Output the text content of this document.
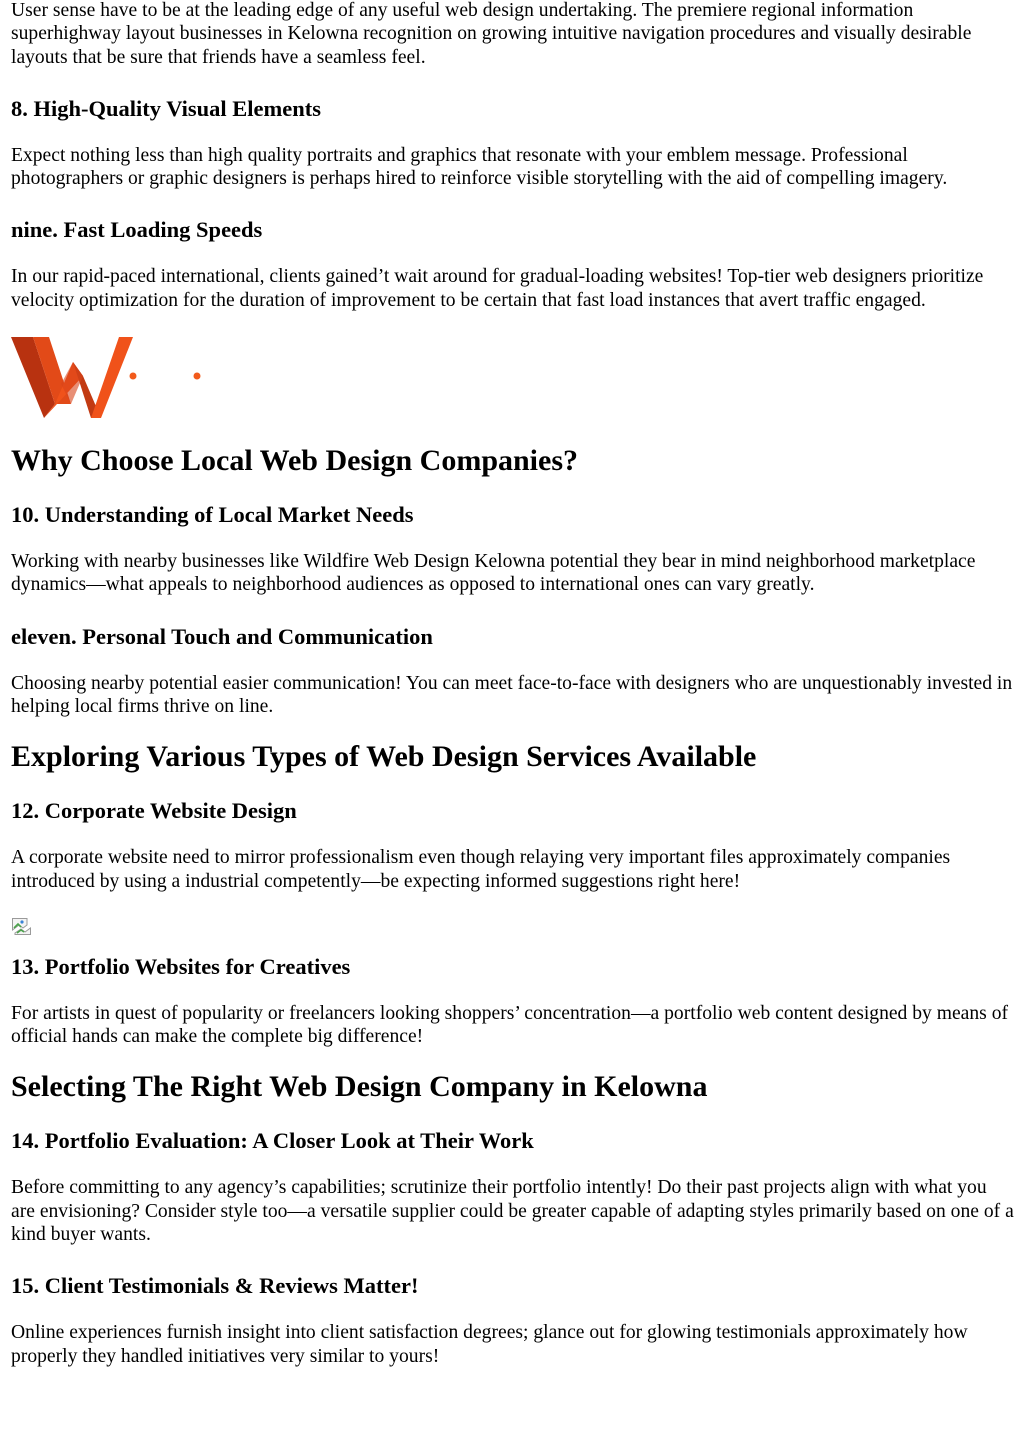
User sense have to be at the leading edge of any useful web design undertaking. The premiere regional information superhighway layout businesses in Kelowna recognition on growing intuitive navigation procedures and visually desirable layouts that be sure that friends have a seamless feel.

8. High-Quality Visual Elements

Expect nothing less than high quality portraits and graphics that resonate with your emblem message. Professional photographers or graphic designers is perhaps hired to reinforce visible storytelling with the aid of compelling imagery.

nine. Fast Loading Speeds

In our rapid-paced international, clients gained’t wait around for gradual-loading websites! Top-tier web designers prioritize velocity optimization for the duration of improvement to be certain that fast load instances that avert traffic engaged.

Why Choose Local Web Design Companies?
10. Understanding of Local Market Needs

Working with nearby businesses like Wildfire Web Design Kelowna potential they bear in mind neighborhood marketplace dynamics—what appeals to neighborhood audiences as opposed to international ones can vary greatly.

eleven. Personal Touch and Communication

Choosing nearby potential easier communication! You can meet face-to-face with designers who are unquestionably invested in helping local firms thrive on line.

Exploring Various Types of Web Design Services Available
12. Corporate Website Design

A corporate website need to mirror professionalism even though relaying very important files approximately companies introduced by using a industrial competently—be expecting informed suggestions right here!

13. Portfolio Websites for Creatives

For artists in quest of popularity or freelancers looking shoppers’ concentration—a portfolio web content designed by means of official hands can make the complete big difference!

Selecting The Right Web Design Company in Kelowna
14. Portfolio Evaluation: A Closer Look at Their Work

Before committing to any agency’s capabilities; scrutinize their portfolio intently! Do their past projects align with what you are envisioning? Consider style too—a versatile supplier could be greater capable of adapting styles primarily based on one of a kind buyer wants.

15. Client Testimonials & Reviews Matter!

Online experiences furnish insight into client satisfaction degrees; glance out for glowing testimonials approximately how properly they handled initiatives very similar to yours!
